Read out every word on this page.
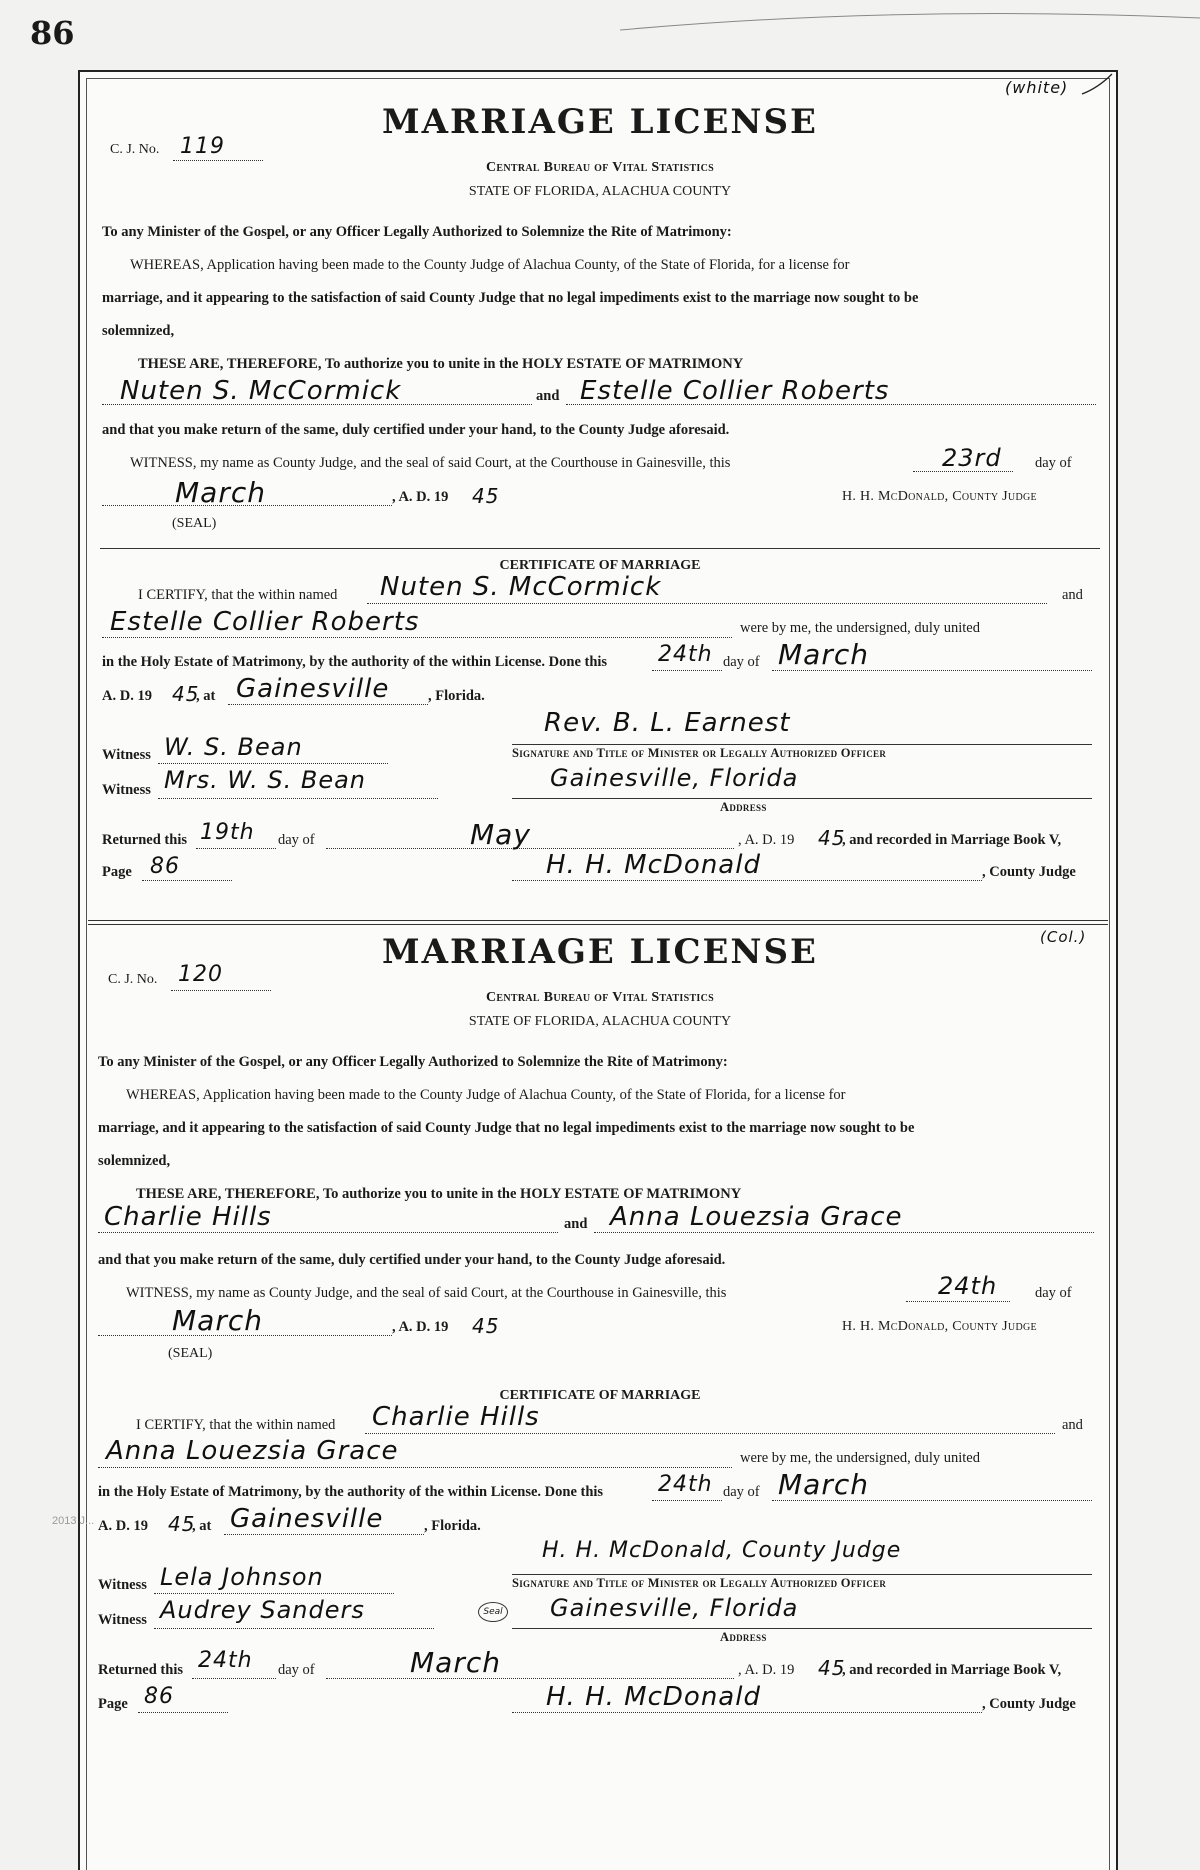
86
(white)
C. J. No. 119
MARRIAGE LICENSE
Central Bureau of Vital Statistics
STATE OF FLORIDA, ALACHUA COUNTY
To any Minister of the Gospel, or any Officer Legally Authorized to Solemnize the Rite of Matrimony:
WHEREAS, Application having been made to the County Judge of Alachua County, of the State of Florida, for a license for
marriage, and it appearing to the satisfaction of said County Judge that no legal impediments exist to the marriage now sought to be
solemnized,
THESE ARE, THEREFORE, To authorize you to unite in the HOLY ESTATE OF MATRIMONY
Nuten S. McCormick	and Estelle Collier Roberts
and that you make return of the same, duly certified under your hand, to the County Judge aforesaid.
WITNESS, my name as County Judge, and the seal of said Court, at the Courthouse in Gainesville, this	23rd day of
March	, A. D. 19 45	H. H. McDonald, County Judge
(SEAL)
CERTIFICATE OF MARRIAGE
I CERTIFY, that the within named Nuten S. McCormick	and
Estelle Collier Roberts	were by me, the undersigned, duly united
in the Holy Estate of Matrimony, by the authority of the within License. Done this 24th day of March
A. D. 19 45
, at Gainesville	, Florida.
Rev. B. L. Earnest
Signature and Title of Minister or Legally Authorized Officer
Witness W. S. Bean
Witness Mrs. W. S. Bean	Gainesville, Florida
Address
Returned this 19th day of	May	, A. D. 19 45
, and recorded in Marriage Book V,
Page 86	H. H. McDonald	, County Judge
(Col.)
C. J. No. 120
MARRIAGE LICENSE
Central Bureau of Vital Statistics
STATE OF FLORIDA, ALACHUA COUNTY
To any Minister of the Gospel, or any Officer Legally Authorized to Solemnize the Rite of Matrimony:
WHEREAS, Application having been made to the County Judge of Alachua County, of the State of Florida, for a license for
marriage, and it appearing to the satisfaction of said County Judge that no legal impediments exist to the marriage now sought to be
solemnized,
THESE ARE, THEREFORE, To authorize you to unite in the HOLY ESTATE OF MATRIMONY
Charlie Hills	and Anna Louezsia Grace
and that you make return of the same, duly certified under your hand, to the County Judge aforesaid.
WITNESS, my name as County Judge, and the seal of said Court, at the Courthouse in Gainesville, this	24th	day of
March	, A. D. 19 45	H. H. McDonald, County Judge
(SEAL)
CERTIFICATE OF MARRIAGE
I CERTIFY, that the within named Charlie Hills	and
Anna Louezsia Grace	were by me, the undersigned, duly united
in the Holy Estate of Matrimony, by the authority of the within License. Done this 24th day of March
A. D. 19 45
, at Gainesville	, Florida.
H. H. McDonald, County Judge
Signature and Title of Minister or Legally Authorized Officer
Witness Lela Johnson
Witness Audrey Sanders	Seal Gainesville, Florida
Address
Returned this 24th day of	March	, A. D. 19 45
, and recorded in Marriage Book V,
Page 86	H. H. McDonald	, County Judge
2013 J...
